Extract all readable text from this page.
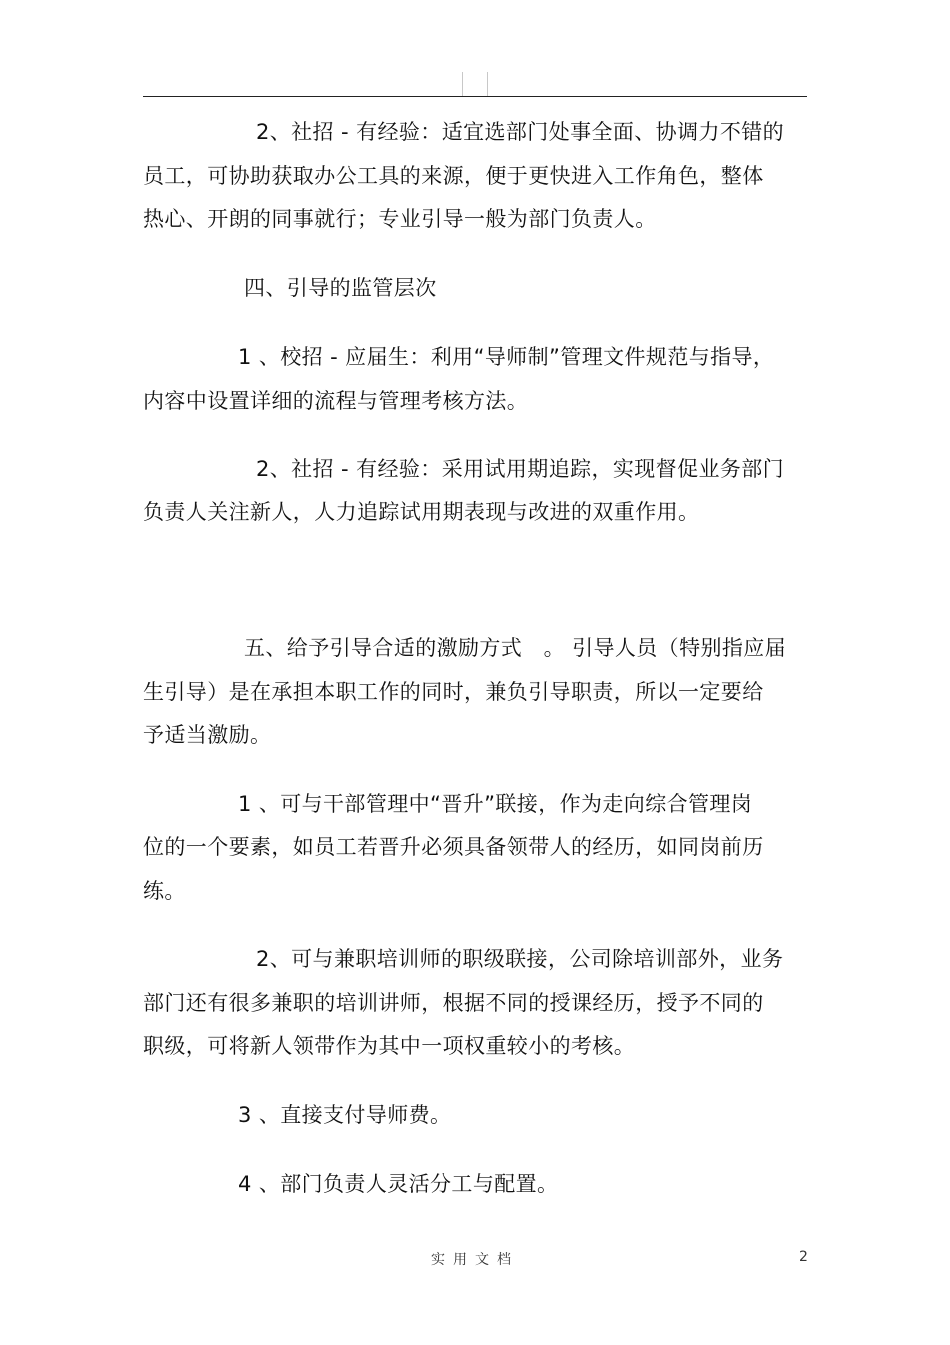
2、社招 - 有经验：适宜选部门处事全面、协调力不错的
员工，可协助获取办公工具的来源，便于更快进入工作角色，整体
热心、开朗的同事就行；专业引导一般为部门负责人。
四、引导的监管层次
1 、校招 - 应届生：利用“导师制”管理文件规范与指导，
内容中设置详细的流程与管理考核方法。
2、社招 - 有经验：采用试用期追踪，实现督促业务部门
负责人关注新人，人力追踪试用期表现与改进的双重作用。
五、给予引导合适的激励方式　。 引导人员（特别指应届
生引导）是在承担本职工作的同时，兼负引导职责，所以一定要给
予适当激励。
1 、可与干部管理中“晋升”联接，作为走向综合管理岗
位的一个要素，如员工若晋升必须具备领带人的经历，如同岗前历
练。
2、可与兼职培训师的职级联接，公司除培训部外，业务
部门还有很多兼职的培训讲师，根据不同的授课经历，授予不同的
职级，可将新人领带作为其中一项权重较小的考核。
3 、直接支付导师费。
4 、部门负责人灵活分工与配置。
实用文档	2
